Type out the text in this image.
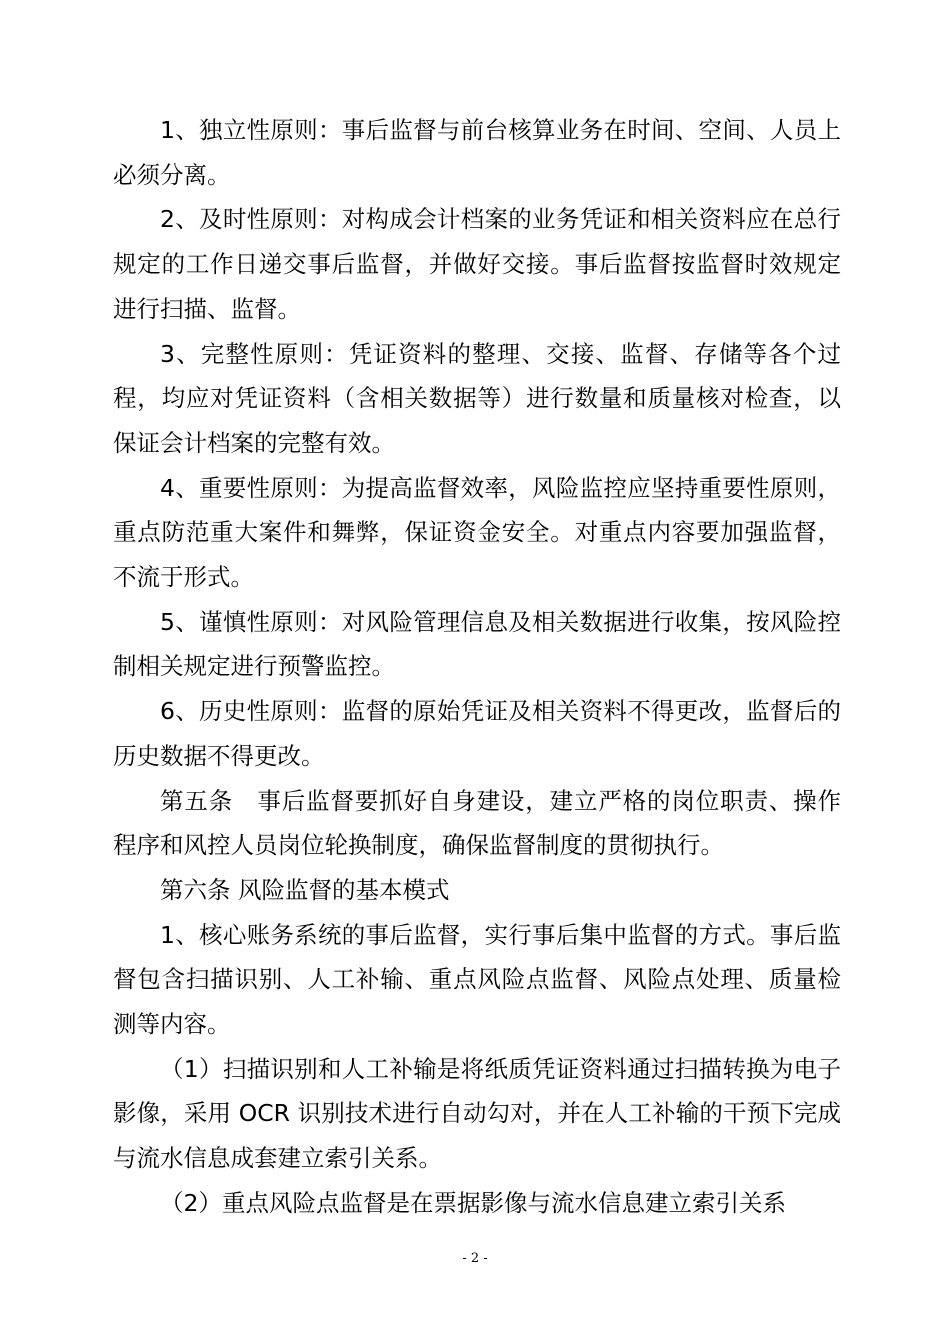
1、独立性原则：事后监督与前台核算业务在时间、空间、人员上必须分离。

2、及时性原则：对构成会计档案的业务凭证和相关资料应在总行规定的工作日递交事后监督，并做好交接。事后监督按监督时效规定进行扫描、监督。

3、完整性原则：凭证资料的整理、交接、监督、存储等各个过程，均应对凭证资料（含相关数据等）进行数量和质量核对检查，以保证会计档案的完整有效。

4、重要性原则：为提高监督效率，风险监控应坚持重要性原则，重点防范重大案件和舞弊，保证资金安全。对重点内容要加强监督，不流于形式。

5、谨慎性原则：对风险管理信息及相关数据进行收集，按风险控制相关规定进行预警监控。

6、历史性原则：监督的原始凭证及相关资料不得更改，监督后的历史数据不得更改。

第五条　事后监督要抓好自身建设，建立严格的岗位职责、操作程序和风控人员岗位轮换制度，确保监督制度的贯彻执行。

第六条 风险监督的基本模式

1、核心账务系统的事后监督，实行事后集中监督的方式。事后监督包含扫描识别、人工补输、重点风险点监督、风险点处理、质量检测等内容。

（1）扫描识别和人工补输是将纸质凭证资料通过扫描转换为电子影像，采用 OCR 识别技术进行自动勾对，并在人工补输的干预下完成与流水信息成套建立索引关系。

（2）重点风险点监督是在票据影像与流水信息建立索引关系

- 2 -
